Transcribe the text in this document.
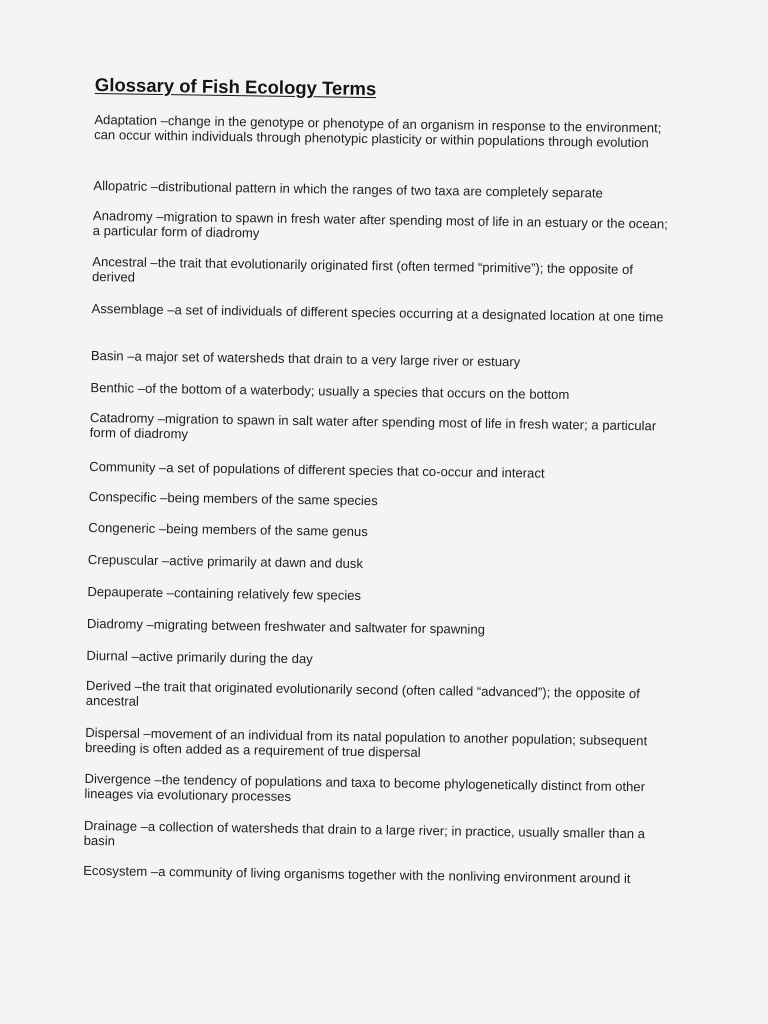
Glossary of Fish Ecology Terms

Adaptation – change in the genotype or phenotype of an organism in response to the environment; can occur within individuals through phenotypic plasticity or within populations through evolution

Allopatric – distributional pattern in which the ranges of two taxa are completely separate

Anadromy – migration to spawn in fresh water after spending most of life in an estuary or the ocean; a particular form of diadromy

Ancestral – the trait that evolutionarily originated first (often termed “primitive”); the opposite of derived

Assemblage – a set of individuals of different species occurring at a designated location at one time

Basin – a major set of watersheds that drain to a very large river or estuary

Benthic – of the bottom of a waterbody; usually a species that occurs on the bottom

Catadromy – migration to spawn in salt water after spending most of life in fresh water; a particular form of diadromy

Community – a set of populations of different species that co-occur and interact

Conspecific – being members of the same species

Congeneric – being members of the same genus

Crepuscular – active primarily at dawn and dusk

Depauperate – containing relatively few species

Diadromy – migrating between freshwater and saltwater for spawning

Diurnal – active primarily during the day

Derived – the trait that originated evolutionarily second (often called “advanced”); the opposite of ancestral

Dispersal – movement of an individual from its natal population to another population; subsequent breeding is often added as a requirement of true dispersal

Divergence – the tendency of populations and taxa to become phylogenetically distinct from other lineages via evolutionary processes

Drainage – a collection of watersheds that drain to a large river; in practice, usually smaller than a basin

Ecosystem – a community of living organisms together with the nonliving environment around it
